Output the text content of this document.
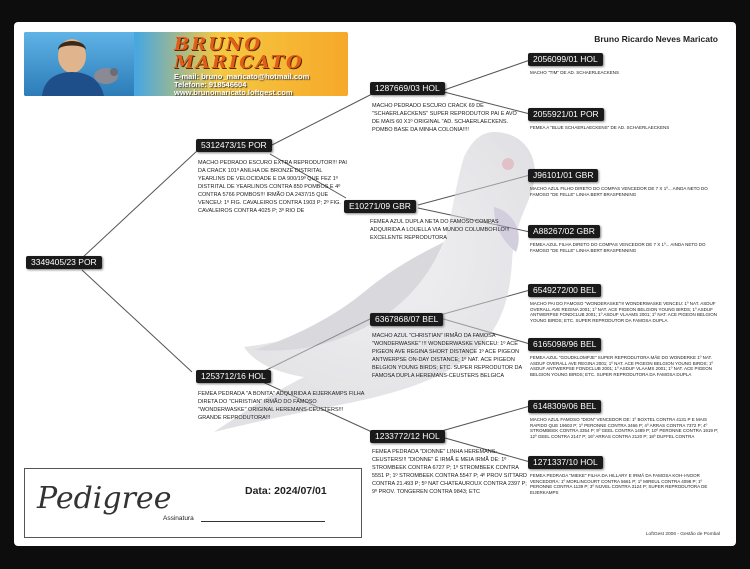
Bruno Ricardo Neves Maricato
BRUNO
MARICATO
E-mail: bruno_maricato@hotmail.com
Telefone: 918546604
www.brunomaricato.loftgest.com
3349405/23 POR
5312473/15 POR
MACHO PEDRADO ESCURO EXTRA REPRODUTOR!!! PAI DA CRACK 101º ANILHA DE BRONZE DISTRITAL YEARLINS DE VELOCIDADE E DA 900/19º QUE FEZ 1º DISTRITAL DE YEARLINOS CONTRA 850 POMBOS E 4º CONTRA 5766 POMBOS!!! IRMÃO DA 2437/15 QUE VENCEU: 1º FIG. CAVALEIROS CONTRA 1903 P; 2º FIG. CAVALEIROS CONTRA 4025 P; 3º RIO DE
1253712/16 HOL
FEMEA PEDRADA "A BONITA" ADQUIRIDA A EIJERKAMPS FILHA DIRETA DO "CHRISTIAN" IRMÃO DO FAMOSO "WONDERWASKE" ORIGINAL HEREMANS-CEUSTERS!!! GRANDE REPRODUTORA!!!
1287669/03 HOL
MACHO PEDRADO ESCURO CRACK 69 DE "SCHAERLAECKENS" SUPER REPRODUTOR PAI E AVO DE MAIS 60 X1º ORIGINAL "AD. SCHAERLAECKENS. POMBO BASE DA MINHA COLONIA!!!!
E10271/09 GBR
FEMEA AZUL DUPLA NETA DO FAMOSO COMPAS ADQUIRIDA A LOUELLA VIA MUNDO COLUMBOFILO!!! EXCELENTE REPRODUTORA
6367868/07 BEL
MACHO AZUL "CHRISTIAN" IRMÃO DA FAMOSA "WONDERWASKE" !!! WONDERWASKE VENCEU: 1º ACE PIGEON AVE REGINA SHORT DISTANCE 1º ACE PIGEON ANTWERPSE ON-DAY DISTANCE; 1º NAT. ACE PIGEON BELGION YOUNG BIRDS; ETC. SUPER REPRODUTOR DA FAMOSA DUPLA HEREMANS-CEUSTERS BELGICA
1233772/12 HOL
FEMEA PEDRADA "DIONNE" LINHA HEREMANS-CEUSTERS!!! "DIONNE" É IRMÃ E MEIA IRMÃ DE: 1º STROMBEEK CONTRA 6727 P; 1º STROMBEEK CONTRA 5551 P; 1º STROMBEEK CONTRA 5547 P; 4º PROV SITTARD CONTRA 21.493 P; 5º NAT CHATEAUROUX CONTRA 2397 P; 9º PROV. TONGEREN CONTRA 9843; ETC
2056099/01 HOL
MACHO "TIM" DE AD. SCHAERLEACKENS
2055921/01 POR
FEMEA A "BLUE SCHAERLAECKENS" DE AD. SCHAERLAECKENS
J96101/01 GBR
MACHO AZUL FILHO DIRETO DO COMPAS VENCEDOR DE 7 X 1º... AINDA NETO DO FAMOSO "DE FELLE" LINHA BERT BRASPENNING
A88267/02 GBR
FEMEA AZUL FILHA DIRETO DO COMPAS VENCEDOR DE 7 X 1º... AINDA NETO DO FAMOSO "DE FELLE" LINHA BERT BRASPENNING
6549272/00 BEL
MACHO PAI DO FAMOSO "WONDERASKE"!!! WONDERWASKE VENCEU: 1º NAT. ASDUF OVERALL AVE REGINA 2001; 1º NAT. ACE PIGEON BELGION YOUNG BIRDS; 1º ASDUF ANTWERPSE FONDCLUB 2001; 1º ASDUF VLAAMS 2001; 1º NAT. ACE PIGEON BELGION YOUNG BIRDS; ETC. SUPER REPRODUTOR DA FAMOSA DUPLA
6165098/96 BEL
FEMEA AZUL "GOUDKLOMPJE" SUPER REPRODUTORA MÃE DO WONDERKE 1º NAT. ASDUF OVERALL AVE REGINA 2001; 1º NAT. ACE PIGEON BELGION YOUNG BIRDS; 1º ASDUF ANTWERPSE FONDCLUB 2001; 1º ASDUF VLAAMS 2001; 1º NAT. ACE PIGEON BELGION YOUNG BIRDS; ETC. SUPER REPRODUTORA DA FAMOSA DUPLA
6148309/06 BEL
MACHO AZUL FAMOSO "DION" VENCEDOR DE: 1º BOXTEL CONTRA 4131 P E MAIS RAPIDO QUE 19603 P; 1º PERONNE CONTRA 3466 P; 4º ARRAS CONTRA 7372 P; 4º STROMBEEK CONTRA 3354 P; 9º GEEL CONTRA 1489 P; 10º PERONNE CONTRA 1919 P; 12º GEEL CONTRA 2147 P; 16º ARRAS CONTRA 2120 P; 18º DUFFEL CONTRA
1271337/10 HOL
FEMEA PEDRADA "MIEKE" FILHA DA HILLARY E IRMÃ DA FAMOSA KOH-I-NOOR VENCEDORA: 1º MORLINCOURT CONTRA 5661 P; 1º MIREUL CONTRA 4098 P; 1º PERONNE CONTRA 1139 P; 3º NIJVEL CONTRA 3124 P; SUPER REPRODUTORA DE EIJERKAMPS
Pedigree	Data: 2024/07/01
Assinatura
LoftGest 2006 - Gestão de Pombal
